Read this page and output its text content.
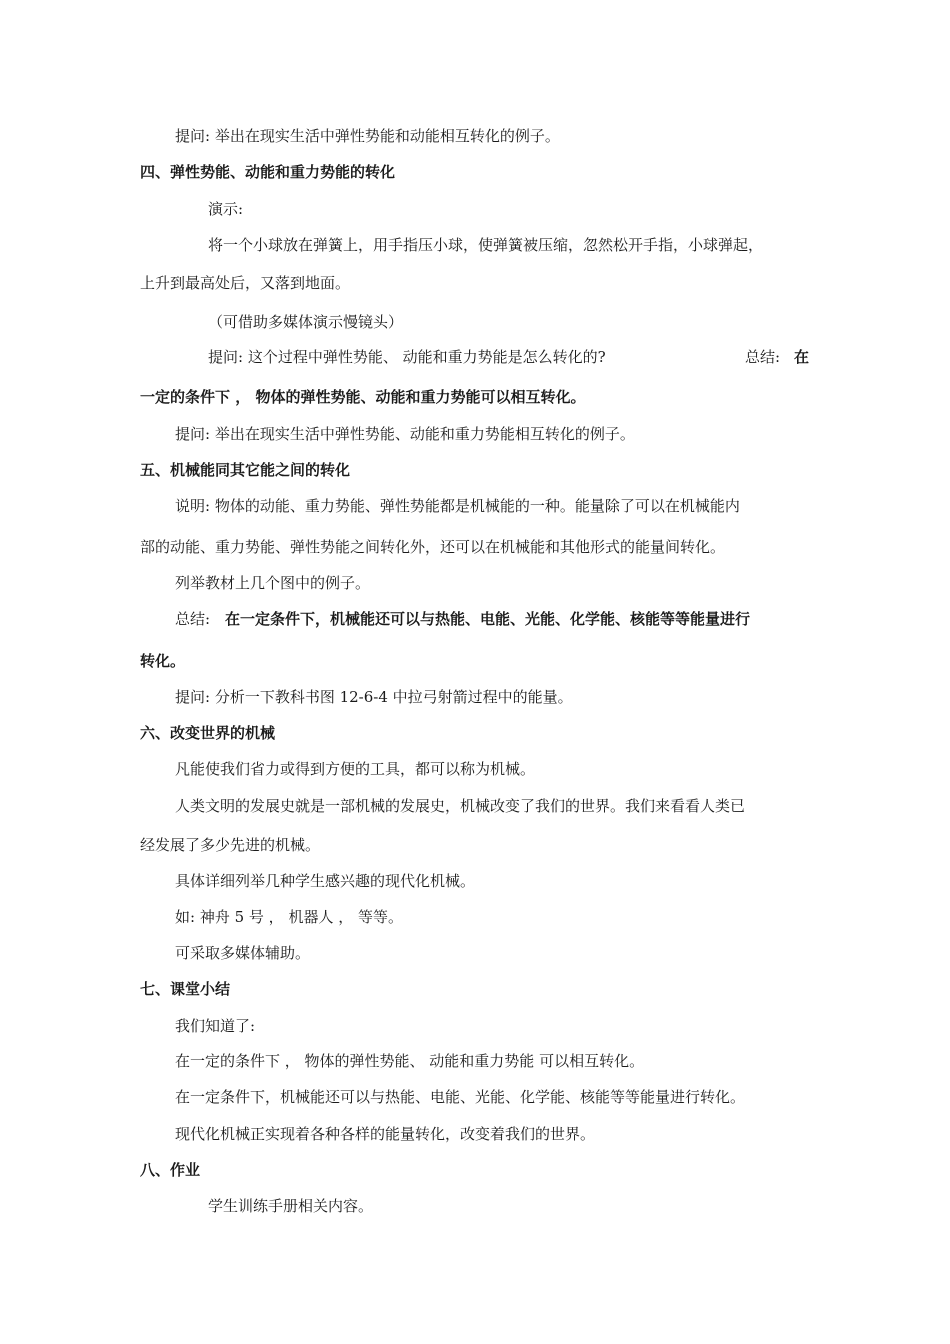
提问: 举出在现实生活中弹性势能和动能相互转化的例子。
四、弹性势能、动能和重力势能的转化
演示:
将一个小球放在弹簧上，用手指压小球，使弹簧被压缩，忽然松开手指，小球弹起，
上升到最高处后，又落到地面。
（可借助多媒体演示慢镜头）
提问: 这个过程中弹性势能、 动能和重力势能是怎么转化的?	总结: 在
一定的条件下 ， 物体的弹性势能、动能和重力势能可以相互转化。
提问: 举出在现实生活中弹性势能、动能和重力势能相互转化的例子。
五、机械能同其它能之间的转化
说明: 物体的动能、重力势能、弹性势能都是机械能的一种。能量除了可以在机械能内
部的动能、重力势能、弹性势能之间转化外，还可以在机械能和其他形式的能量间转化。
列举教材上几个图中的例子。
总结: 在一定条件下，机械能还可以与热能、电能、光能、化学能、核能等等能量进行
转化。
提问: 分析一下教科书图 12-6-4 中拉弓射箭过程中的能量。
六、改变世界的机械
凡能使我们省力或得到方便的工具，都可以称为机械。
人类文明的发展史就是一部机械的发展史，机械改变了我们的世界。我们来看看人类已
经发展了多少先进的机械。
具体详细列举几种学生感兴趣的现代化机械。
如: 神舟 5 号 ， 机器人 ， 等等。
可采取多媒体辅助。
七、课堂小结
我们知道了:
在一定的条件下 ， 物体的弹性势能、 动能和重力势能 可以相互转化。
在一定条件下，机械能还可以与热能、电能、光能、化学能、核能等等能量进行转化。
现代化机械正实现着各种各样的能量转化，改变着我们的世界。
八、作业
学生训练手册相关内容。
